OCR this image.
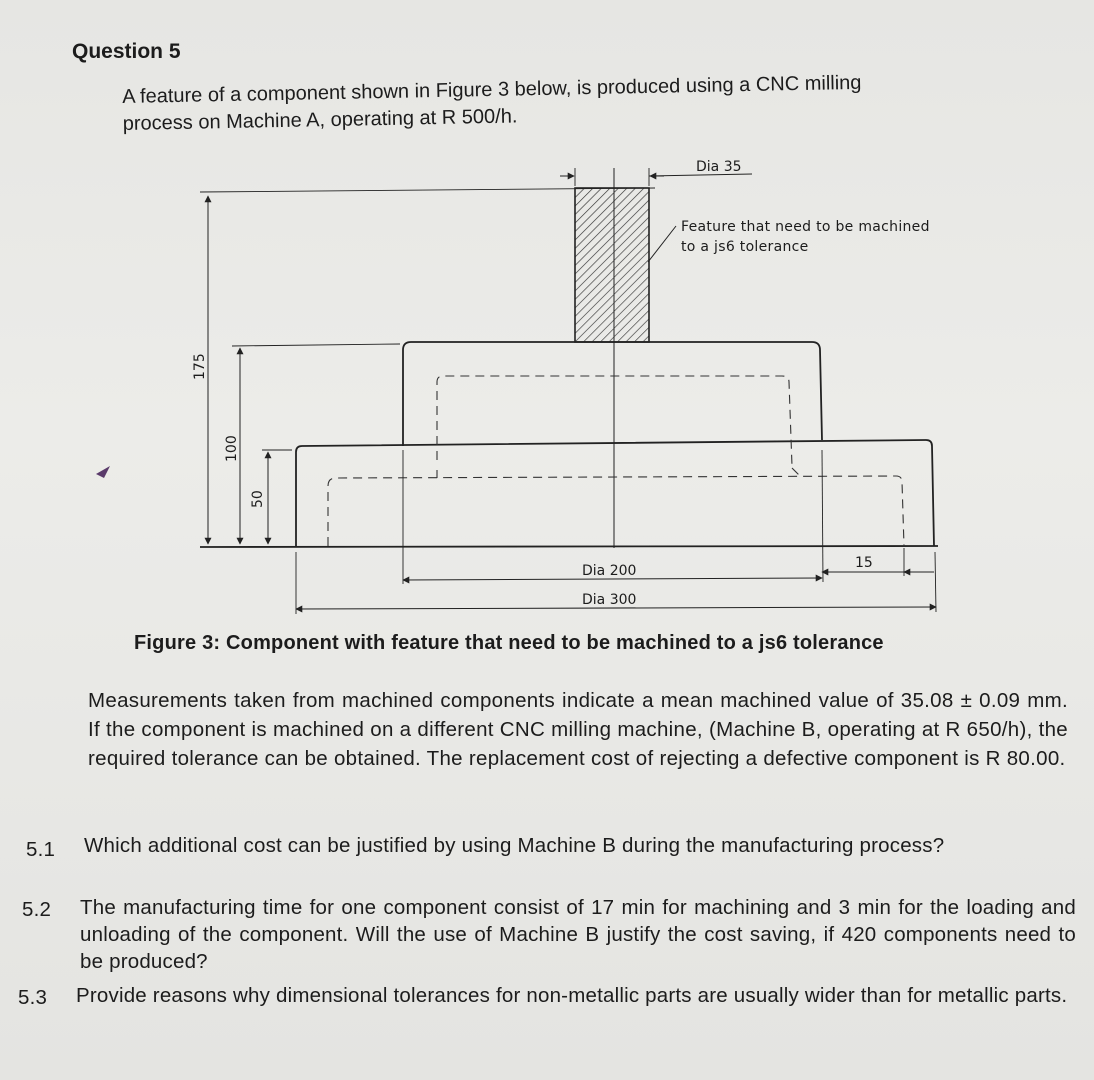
Question 5
A feature of a component shown in Figure 3 below, is produced using a CNC milling
process on Machine A, operating at R 500/h.
Dia 35
Feature that need to be machined
to a js6 tolerance
175
100
50
Dia 200
Dia 300
15
Figure 3: Component with feature that need to be machined to a js6 tolerance
Measurements taken from machined components indicate a mean machined value of 35.08 ± 0.09 mm. If the component is machined on a different CNC milling machine, (Machine B, operating at R 650/h), the required tolerance can be obtained. The replacement cost of rejecting a defective component is R 80.00.
5.1 Which additional cost can be justified by using Machine B during the manufacturing process?
5.2 The manufacturing time for one component consist of 17 min for machining and 3 min for the loading and unloading of the component. Will the use of Machine B justify the cost saving, if 420 components need to be produced?
5.3 Provide reasons why dimensional tolerances for non-metallic parts are usually wider than for metallic parts.
